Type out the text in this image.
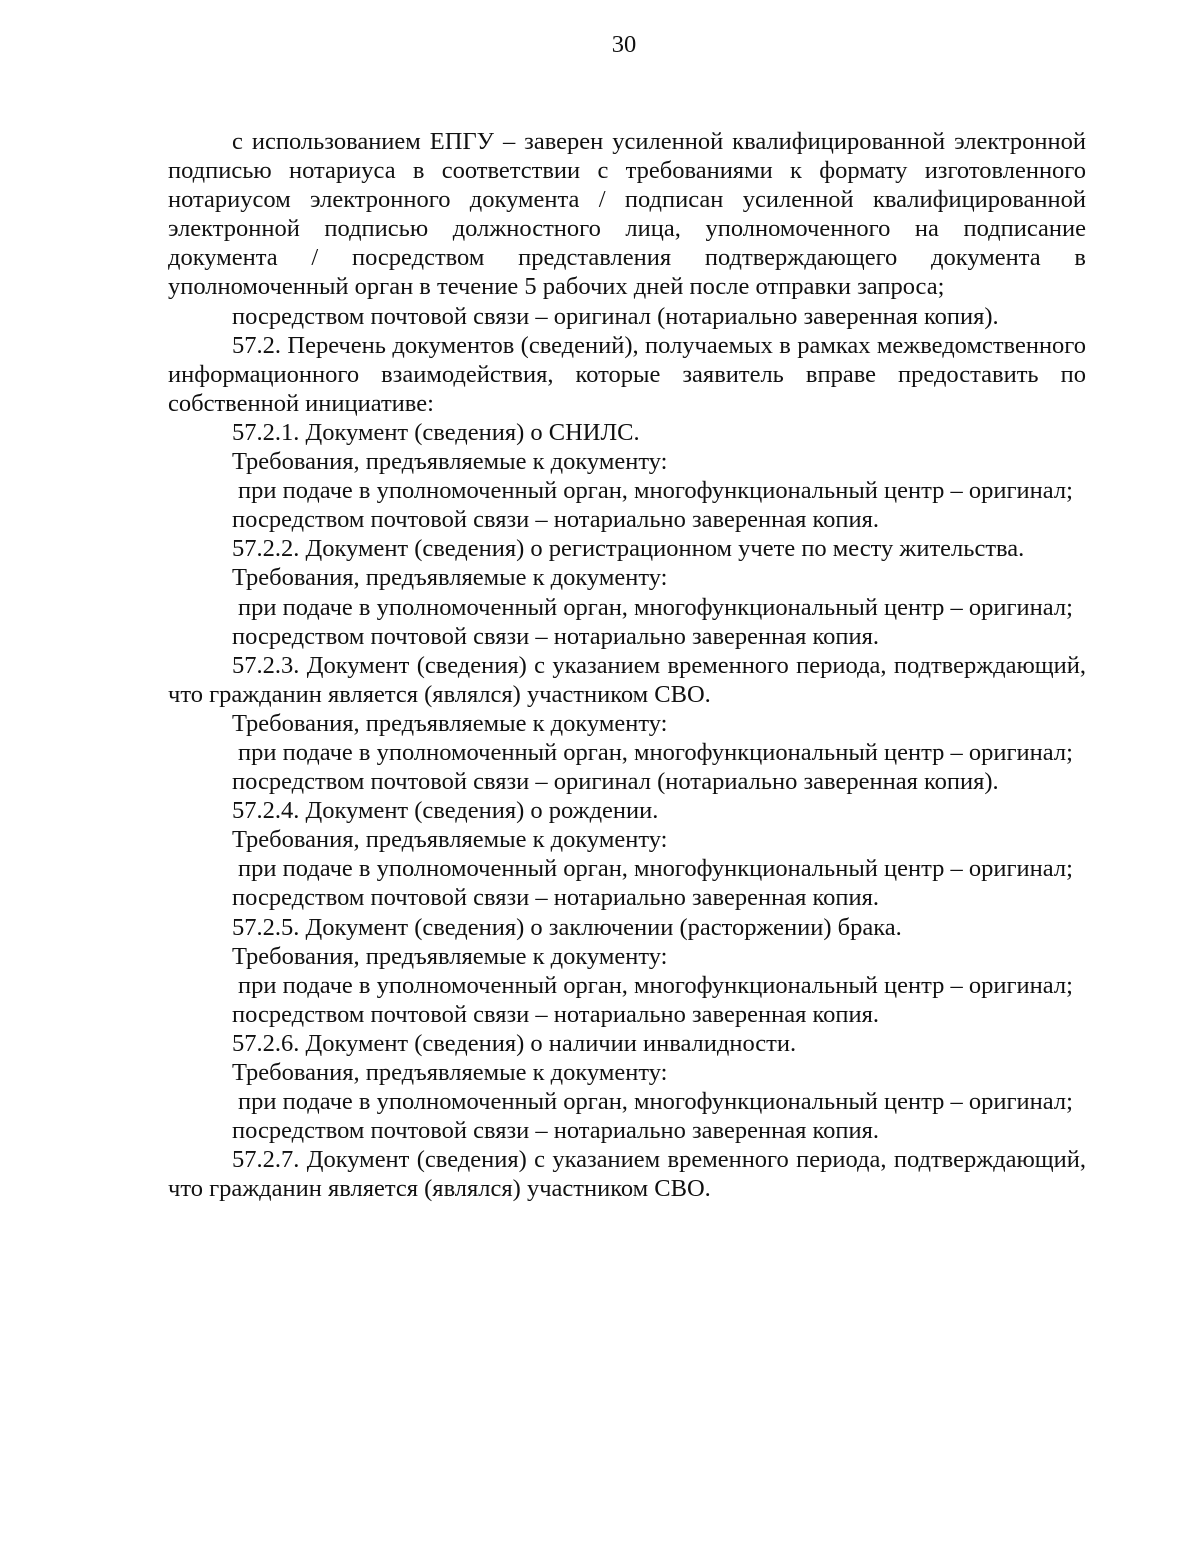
30

с использованием ЕПГУ – заверен усиленной квалифицированной электронной подписью нотариуса в соответствии с требованиями к формату изготовленного нотариусом электронного документа / подписан усиленной квалифицированной электронной подписью должностного лица, уполномоченного на подписание документа / посредством представления подтверждающего документа в уполномоченный орган в течение 5 рабочих дней после отправки запроса;

посредством почтовой связи – оригинал (нотариально заверенная копия).

57.2. Перечень документов (сведений), получаемых в рамках межведомственного информационного взаимодействия, которые заявитель вправе предоставить по собственной инициативе:

57.2.1. Документ (сведения) о СНИЛС.

Требования, предъявляемые к документу:

при подаче в уполномоченный орган, многофункциональный центр – оригинал;

посредством почтовой связи – нотариально заверенная копия.

57.2.2. Документ (сведения) о регистрационном учете по месту жительства.

Требования, предъявляемые к документу:

при подаче в уполномоченный орган, многофункциональный центр – оригинал;

посредством почтовой связи – нотариально заверенная копия.

57.2.3. Документ (сведения) с указанием временного периода, подтверждающий, что гражданин является (являлся) участником СВО.

Требования, предъявляемые к документу:

при подаче в уполномоченный орган, многофункциональный центр – оригинал;

посредством почтовой связи – оригинал (нотариально заверенная копия).

57.2.4. Документ (сведения) о рождении.

Требования, предъявляемые к документу:

при подаче в уполномоченный орган, многофункциональный центр – оригинал;

посредством почтовой связи – нотариально заверенная копия.

57.2.5. Документ (сведения) о заключении (расторжении) брака.

Требования, предъявляемые к документу:

при подаче в уполномоченный орган, многофункциональный центр – оригинал;

посредством почтовой связи – нотариально заверенная копия.

57.2.6. Документ (сведения) о наличии инвалидности.

Требования, предъявляемые к документу:

при подаче в уполномоченный орган, многофункциональный центр – оригинал;

посредством почтовой связи – нотариально заверенная копия.

57.2.7. Документ (сведения) с указанием временного периода, подтверждающий, что гражданин является (являлся) участником СВО.
